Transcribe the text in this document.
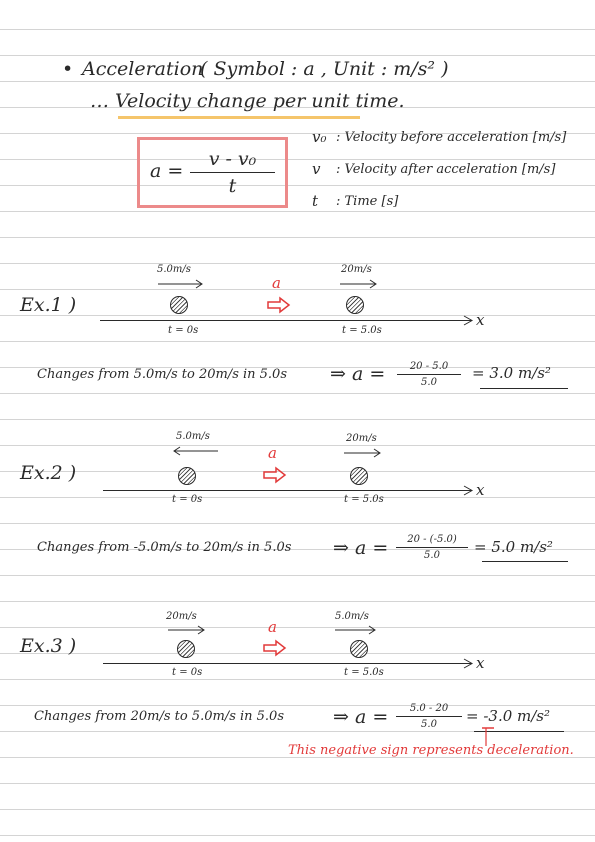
• Acceleration
( Symbol : a , Unit : m/s² )
… Velocity change per unit time.
a =
v - v₀
t
v₀ : Velocity before acceleration [m/s]
v : Velocity after acceleration [m/s]
t : Time [s]
Ex.1 )
5.0m/s	20m/s
a
x
t = 0s	t = 5.0s
Changes from 5.0m/s to 20m/s in 5.0s ⇒ a =	20 - 5.0
5.0
= 3.0 m/s²
Ex.2 )
5.0m/s	20m/s
a
x
t = 0s	t = 5.0s
Changes from -5.0m/s to 20m/s in 5.0s ⇒ a =	20 - (-5.0)
5.0	= 5.0 m/s²
Ex.3 )
20m/s	5.0m/s
a
x
t = 0s	t = 5.0s
Changes from 20m/s to 5.0m/s in 5.0s	⇒ a =	5.0 - 20
5.0	= -3.0 m/s²
This negative sign represents deceleration.
